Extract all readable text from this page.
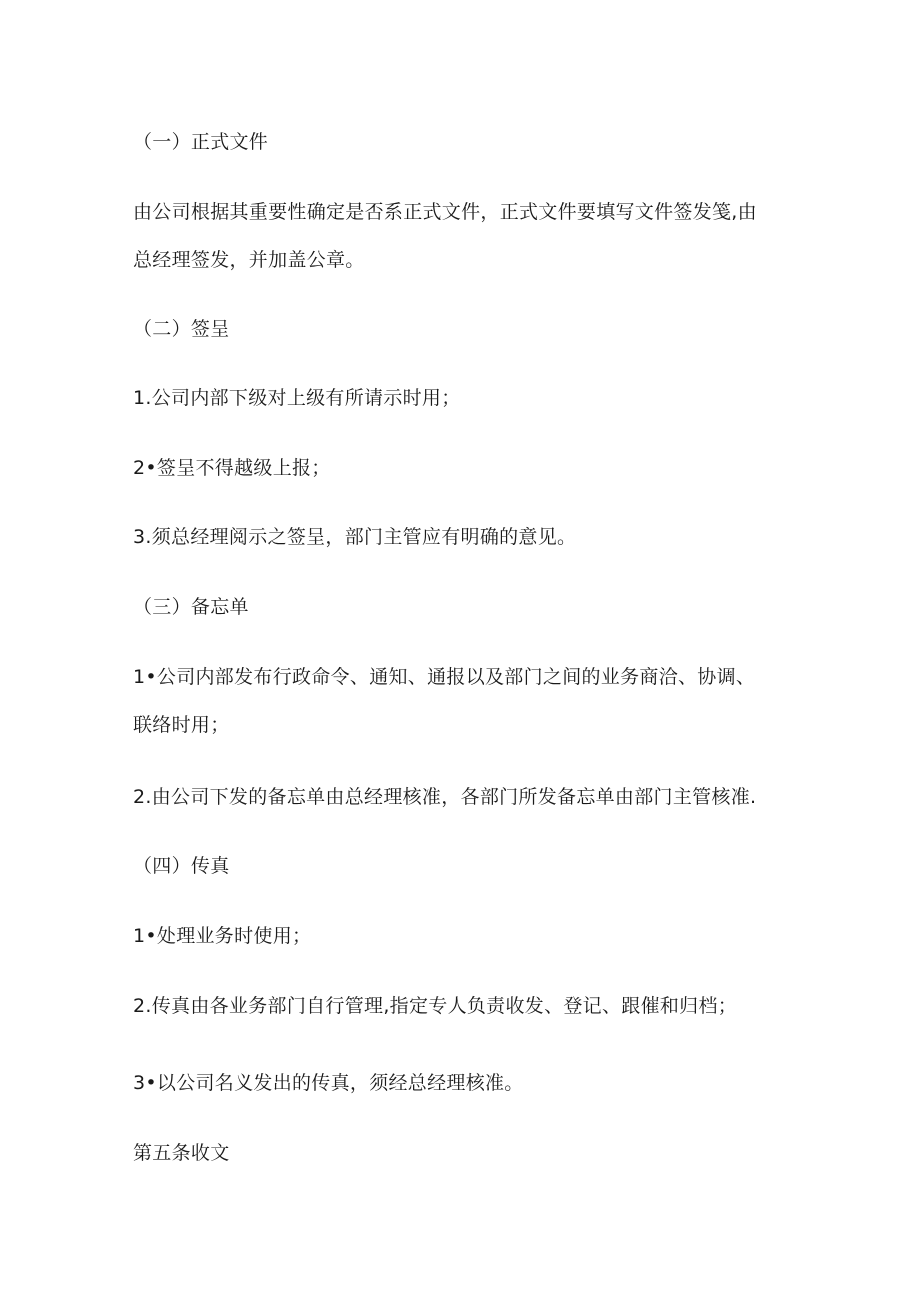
（一）正式文件
由公司根据其重要性确定是否系正式文件，正式文件要填写文件签发笺,由
总经理签发，并加盖公章。
（二）签呈
1.公司内部下级对上级有所请示时用；
2•签呈不得越级上报；
3.须总经理阅示之签呈，部门主管应有明确的意见。
（三）备忘单
1•公司内部发布行政命令、通知、通报以及部门之间的业务商洽、协调、
联络时用；
2.由公司下发的备忘单由总经理核准，各部门所发备忘单由部门主管核准.
（四）传真
1•处理业务时使用；
2.传真由各业务部门自行管理,指定专人负责收发、登记、跟催和归档；
3•以公司名义发出的传真，须经总经理核准。
第五条收文
